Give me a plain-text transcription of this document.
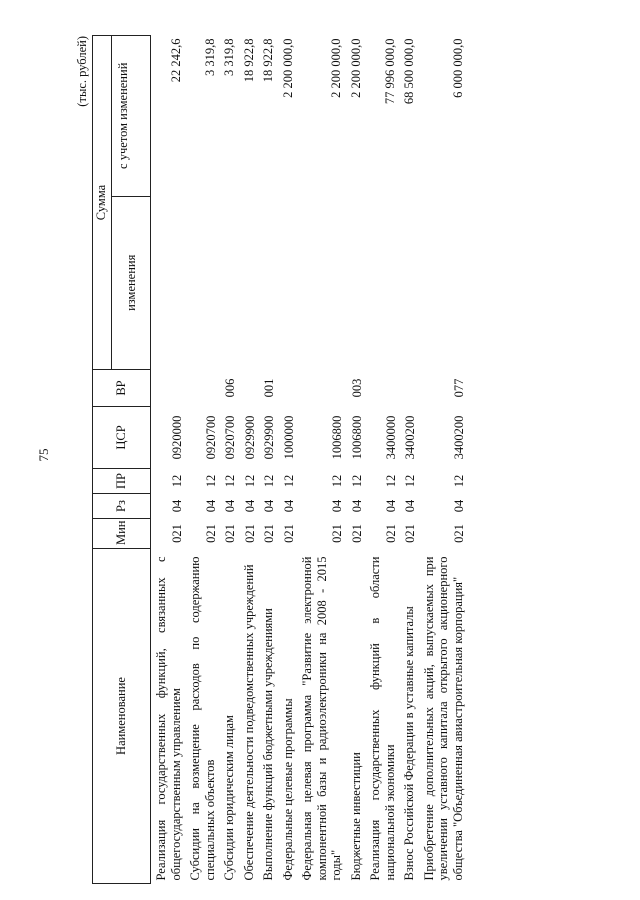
75
(тыс. рублей)
Наименование	Мин	Рз	ПР	ЦСР	ВР	Сумма
изменения
с учетом изменений	

Реализация государственных функций, связанных с общегосударственным управлением	021	04	12	0920000			22 242,6
Субсидии на возмещение расходов по содержанию специальных объектов	021	04	12	0920700			3 319,8
Субсидии юридическим лицам	021	04	12	0920700	006		3 319,8
Обеспечение деятельности подведомственных учреждений	021	04	12	0929900			18 922,8
Выполнение функций бюджетными учреждениями	021	04	12	0929900	001		18 922,8
Федеральные целевые программы	021	04	12	1000000			2 200 000,0
Федеральная целевая программа "Развитие электронной компонентной базы и радиоэлектроники на 2008 - 2015 годы"	021	04	12	1006800			2 200 000,0
Бюджетные инвестиции	021	04	12	1006800	003		2 200 000,0
Реализация государственных функций в области национальной экономики	021	04	12	3400000			77 996 000,0
Взнос Российской Федерации в уставные капиталы	021	04	12	3400200			68 500 000,0
Приобретение дополнительных акций, выпускаемых при увеличении уставного капитала открытого акционерного общества "Объединенная авиастроительная корпорация"	021	04	12	3400200	077		6 000 000,0
